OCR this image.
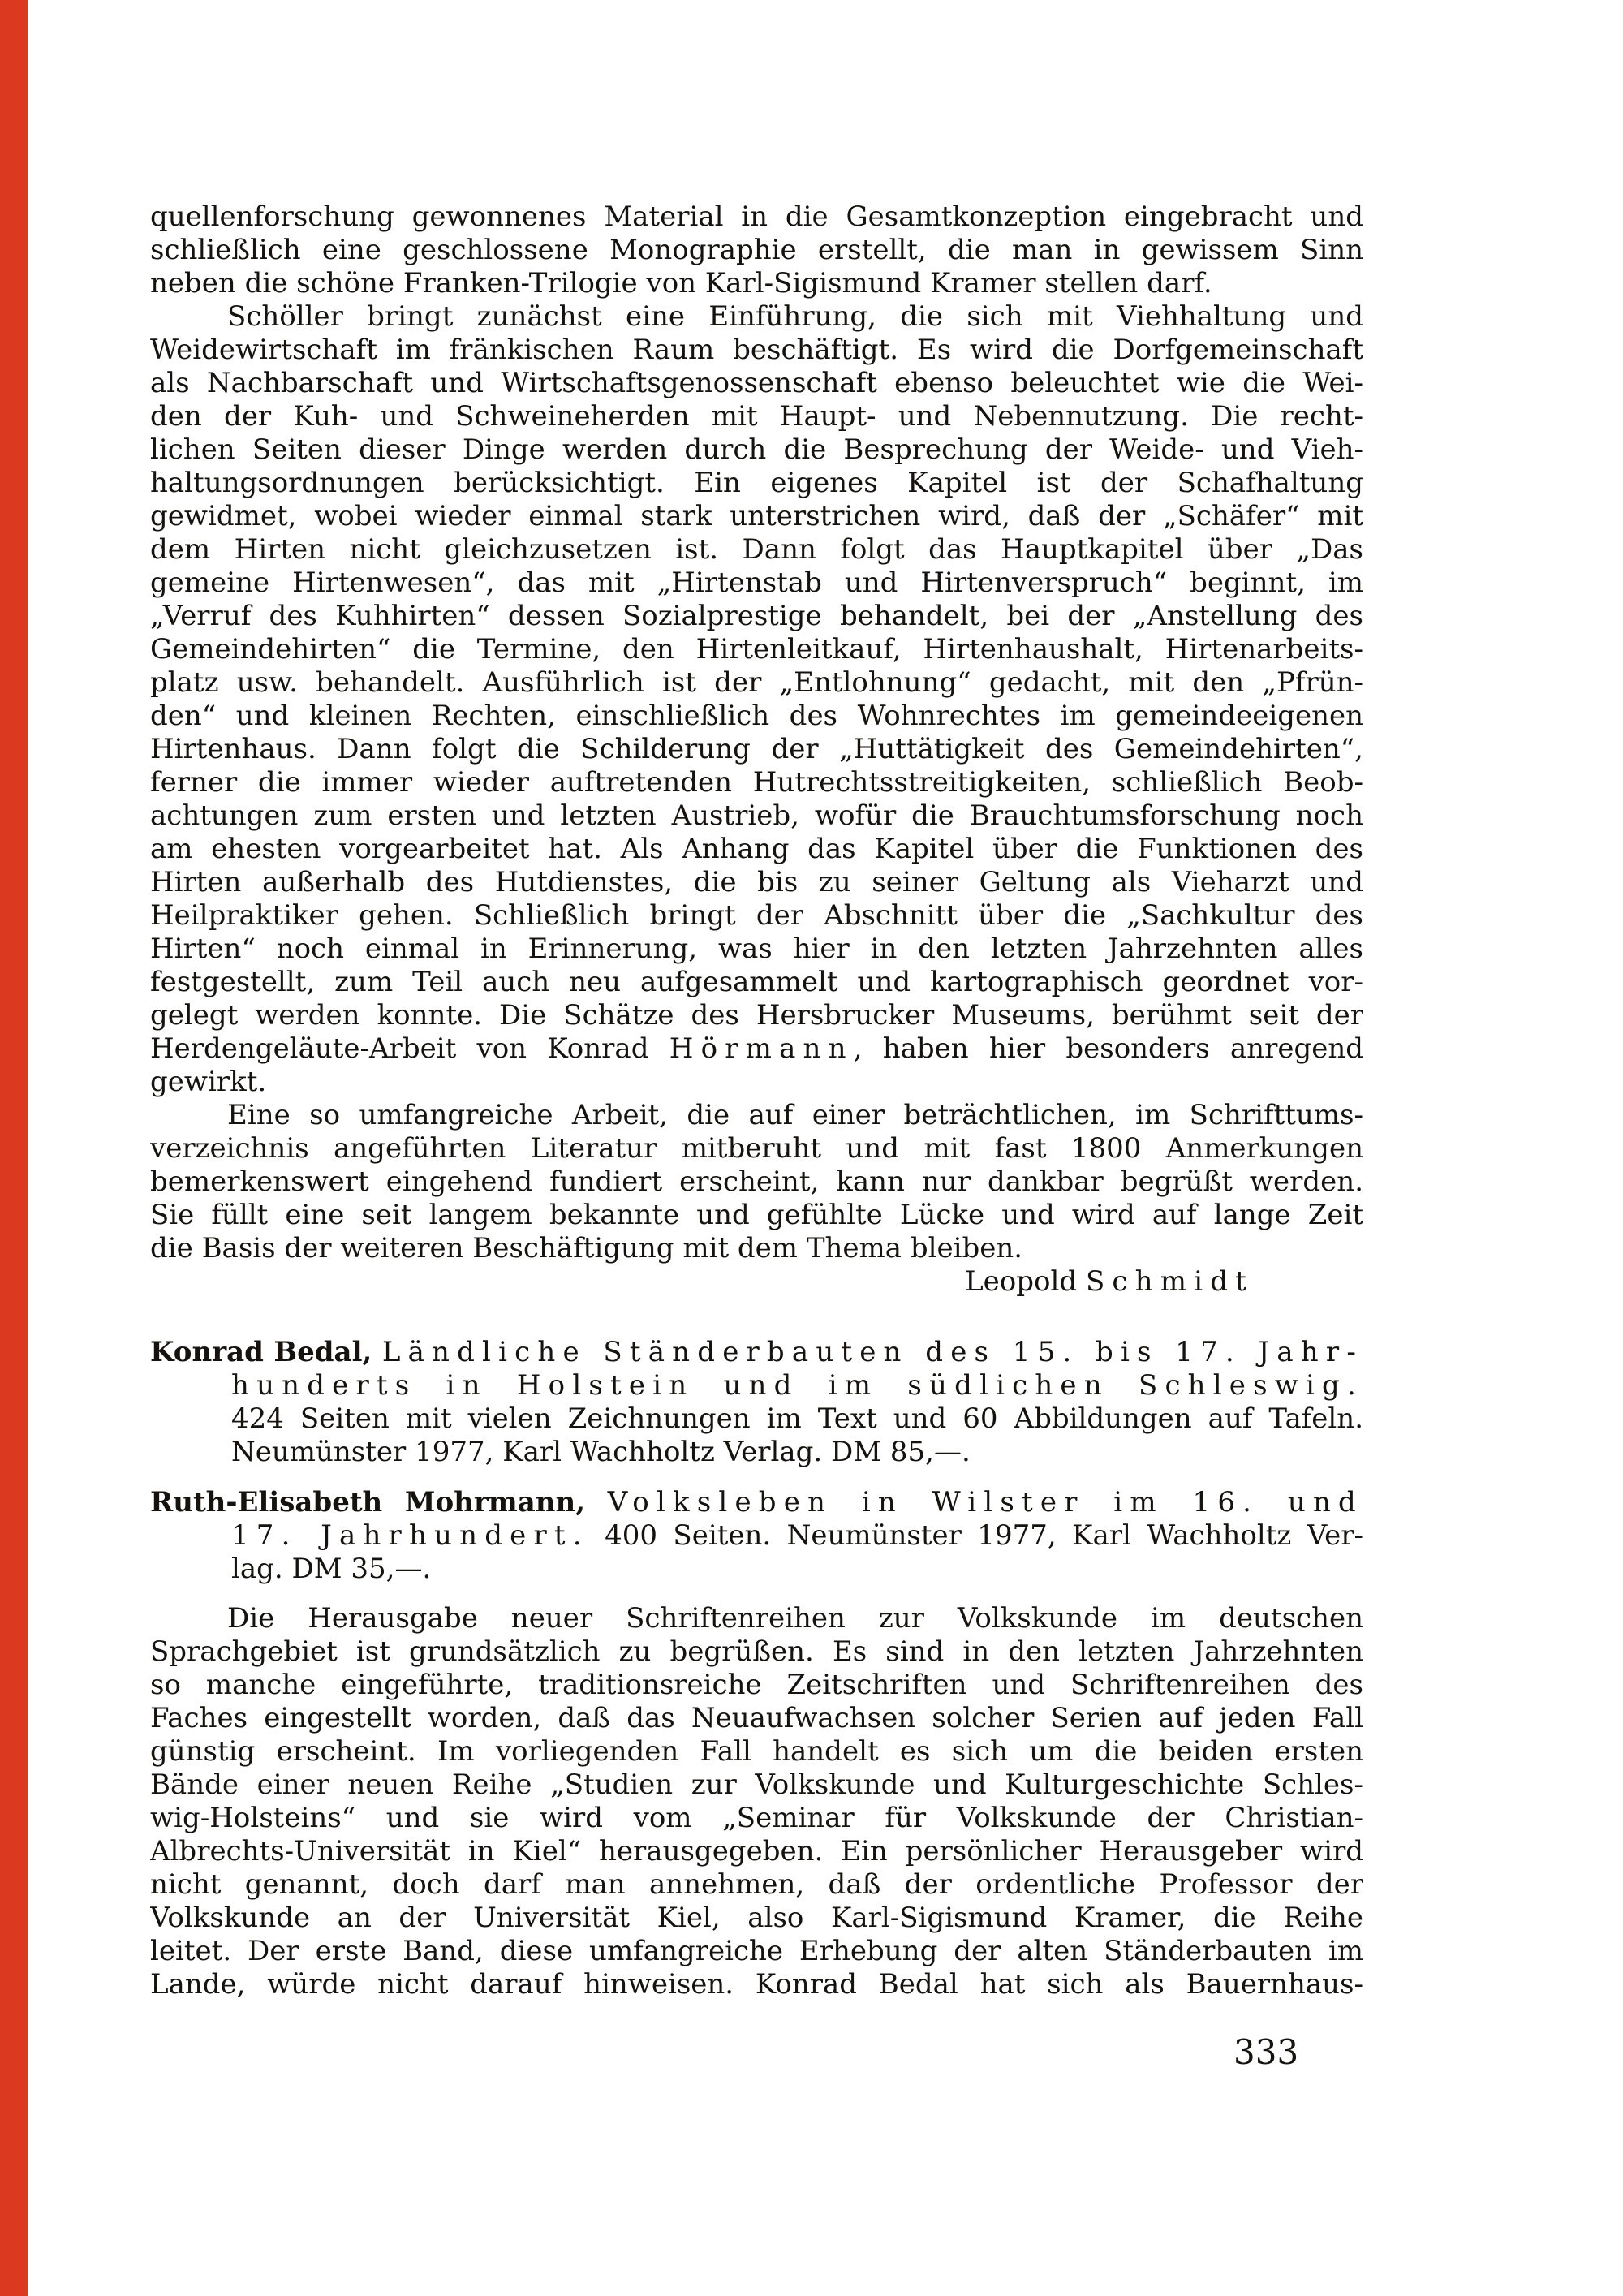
quellenforschung gewonnenes Material in die Gesamtkonzeption eingebracht und
schließlich eine geschlossene Monographie erstellt, die man in gewissem Sinn
neben die schöne Franken-Trilogie von Karl-Sigismund Kramer stellen darf.
Schöller bringt zunächst eine Einführung, die sich mit Viehhaltung und
Weidewirtschaft im fränkischen Raum beschäftigt. Es wird die Dorfgemeinschaft
als Nachbarschaft und Wirtschaftsgenossenschaft ebenso beleuchtet wie die Wei-
den der Kuh- und Schweineherden mit Haupt- und Nebennutzung. Die recht-
lichen Seiten dieser Dinge werden durch die Besprechung der Weide- und Vieh-
haltungsordnungen berücksichtigt. Ein eigenes Kapitel ist der Schafhaltung
gewidmet, wobei wieder einmal stark unterstrichen wird, daß der „Schäfer“ mit
dem Hirten nicht gleichzusetzen ist. Dann folgt das Hauptkapitel über „Das
gemeine Hirtenwesen“, das mit „Hirtenstab und Hirtenverspruch“ beginnt, im
„Verruf des Kuhhirten“ dessen Sozialprestige behandelt, bei der „Anstellung des
Gemeindehirten“ die Termine, den Hirtenleitkauf, Hirtenhaushalt, Hirtenarbeits-
platz usw. behandelt. Ausführlich ist der „Entlohnung“ gedacht, mit den „Pfrün-
den“ und kleinen Rechten, einschließlich des Wohnrechtes im gemeindeeigenen
Hirtenhaus. Dann folgt die Schilderung der „Huttätigkeit des Gemeindehirten“,
ferner die immer wieder auftretenden Hutrechtsstreitigkeiten, schließlich Beob-
achtungen zum ersten und letzten Austrieb, wofür die Brauchtumsforschung noch
am ehesten vorgearbeitet hat. Als Anhang das Kapitel über die Funktionen des
Hirten außerhalb des Hutdienstes, die bis zu seiner Geltung als Vieharzt und
Heilpraktiker gehen. Schließlich bringt der Abschnitt über die „Sachkultur des
Hirten“ noch einmal in Erinnerung, was hier in den letzten Jahrzehnten alles
festgestellt, zum Teil auch neu aufgesammelt und kartographisch geordnet vor-
gelegt werden konnte. Die Schätze des Hersbrucker Museums, berühmt seit der
Herdengeläute-Arbeit von Konrad Hörmann, haben hier besonders anregend
gewirkt.
Eine so umfangreiche Arbeit, die auf einer beträchtlichen, im Schrifttums-
verzeichnis angeführten Literatur mitberuht und mit fast 1800 Anmerkungen
bemerkenswert eingehend fundiert erscheint, kann nur dankbar begrüßt werden.
Sie füllt eine seit langem bekannte und gefühlte Lücke und wird auf lange Zeit
die Basis der weiteren Beschäftigung mit dem Thema bleiben.
Leopold Schmidt
Konrad Bedal, Ländliche Ständerbauten des 15. bis 17. Jahr-
hunderts in Holstein und im südlichen Schleswig.
424 Seiten mit vielen Zeichnungen im Text und 60 Abbildungen auf Tafeln.
Neumünster 1977, Karl Wachholtz Verlag. DM 85,—.
Ruth-Elisabeth Mohrmann, Volksleben in Wilster im 16. und
17. Jahrhundert. 400 Seiten. Neumünster 1977, Karl Wachholtz Ver-
lag. DM 35,—.
Die Herausgabe neuer Schriftenreihen zur Volkskunde im deutschen
Sprachgebiet ist grundsätzlich zu begrüßen. Es sind in den letzten Jahrzehnten
so manche eingeführte, traditionsreiche Zeitschriften und Schriftenreihen des
Faches eingestellt worden, daß das Neuaufwachsen solcher Serien auf jeden Fall
günstig erscheint. Im vorliegenden Fall handelt es sich um die beiden ersten
Bände einer neuen Reihe „Studien zur Volkskunde und Kulturgeschichte Schles-
wig-Holsteins“ und sie wird vom „Seminar für Volkskunde der Christian-
Albrechts-Universität in Kiel“ herausgegeben. Ein persönlicher Herausgeber wird
nicht genannt, doch darf man annehmen, daß der ordentliche Professor der
Volkskunde an der Universität Kiel, also Karl-Sigismund Kramer, die Reihe
leitet. Der erste Band, diese umfangreiche Erhebung der alten Ständerbauten im
Lande, würde nicht darauf hinweisen. Konrad Bedal hat sich als Bauernhaus-
333
